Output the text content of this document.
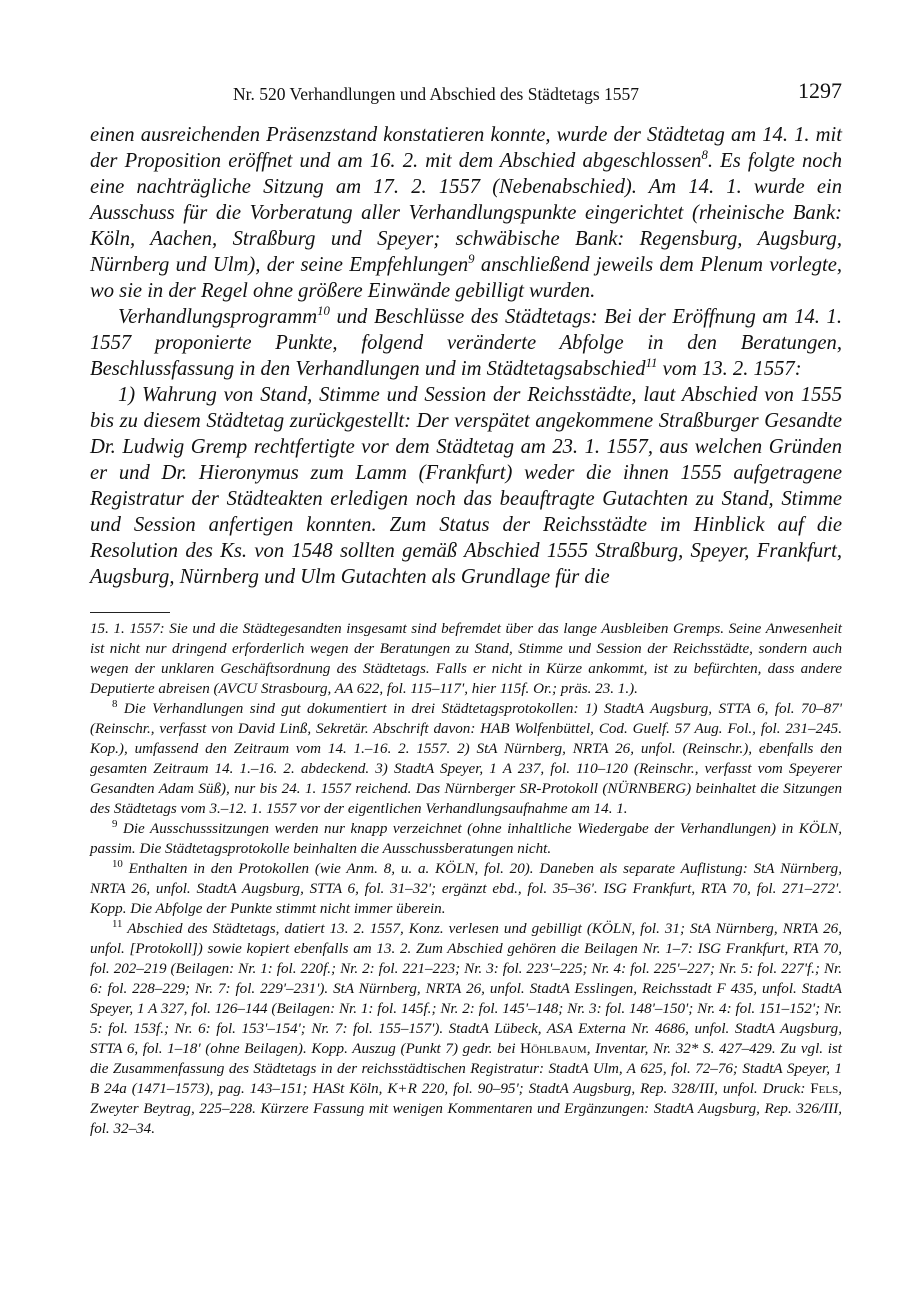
Nr. 520 Verhandlungen und Abschied des Städtetags 1557	1297

einen ausreichenden Präsenzstand konstatieren konnte, wurde der Städtetag am 14. 1. mit der Proposition eröffnet und am 16. 2. mit dem Abschied abgeschlossen$^8$. Es folgte noch eine nachträgliche Sitzung am 17. 2. 1557 (Nebenabschied). Am 14. 1. wurde ein Ausschuss für die Vorberatung aller Verhandlungspunkte eingerichtet (rheinische Bank: Köln, Aachen, Straßburg und Speyer; schwäbische Bank: Regensburg, Augsburg, Nürnberg und Ulm), der seine Empfehlungen$^9$ anschließend jeweils dem Plenum vorlegte, wo sie in der Regel ohne größere Einwände gebilligt wurden.

Verhandlungsprogramm$^{10}$ und Beschlüsse des Städtetags: Bei der Eröffnung am 14. 1. 1557 proponierte Punkte, folgend veränderte Abfolge in den Beratungen, Beschlussfassung in den Verhandlungen und im Städtetagsabschied$^{11}$ vom 13. 2. 1557:

1) Wahrung von Stand, Stimme und Session der Reichsstädte, laut Abschied von 1555 bis zu diesem Städtetag zurückgestellt: Der verspätet angekommene Straßburger Gesandte Dr. Ludwig Gremp rechtfertigte vor dem Städtetag am 23. 1. 1557, aus welchen Gründen er und Dr. Hieronymus zum Lamm (Frankfurt) weder die ihnen 1555 aufgetragene Registratur der Städteakten erledigen noch das beauftragte Gutachten zu Stand, Stimme und Session anfertigen konnten. Zum Status der Reichsstädte im Hinblick auf die Resolution des Ks. von 1548 sollten gemäß Abschied 1555 Straßburg, Speyer, Frankfurt, Augsburg, Nürnberg und Ulm Gutachten als Grundlage für die

15. 1. 1557: Sie und die Städtegesandten insgesamt sind befremdet über das lange Ausbleiben Gremps. Seine Anwesenheit ist nicht nur dringend erforderlich wegen der Beratungen zu Stand, Stimme und Session der Reichsstädte, sondern auch wegen der unklaren Geschäftsordnung des Städtetags. Falls er nicht in Kürze ankommt, ist zu befürchten, dass andere Deputierte abreisen (AVCU Strasbourg, AA 622, fol. 115–117', hier 115f. Or.; präs. 23. 1.).

$^8$ Die Verhandlungen sind gut dokumentiert in drei Städtetagsprotokollen: 1) StadtA Augsburg, STTA 6, fol. 70–87' (Reinschr., verfasst von David Linß, Sekretär. Abschrift davon: HAB Wolfenbüttel, Cod. Guelf. 57 Aug. Fol., fol. 231–245. Kop.), umfassend den Zeitraum vom 14. 1.–16. 2. 1557. 2) StA Nürnberg, NRTA 26, unfol. (Reinschr.), ebenfalls den gesamten Zeitraum 14. 1.–16. 2. abdeckend. 3) StadtA Speyer, 1 A 237, fol. 110–120 (Reinschr., verfasst vom Speyerer Gesandten Adam Süß), nur bis 24. 1. 1557 reichend. Das Nürnberger SR-Protokoll (NÜRNBERG) beinhaltet die Sitzungen des Städtetags vom 3.–12. 1. 1557 vor der eigentlichen Verhandlungsaufnahme am 14. 1.

$^9$ Die Ausschusssitzungen werden nur knapp verzeichnet (ohne inhaltliche Wiedergabe der Verhandlungen) in KÖLN, passim. Die Städtetagsprotokolle beinhalten die Ausschussberatungen nicht.

$^{10}$ Enthalten in den Protokollen (wie Anm. 8, u. a. KÖLN, fol. 20). Daneben als separate Auflistung: StA Nürnberg, NRTA 26, unfol. StadtA Augsburg, STTA 6, fol. 31–32'; ergänzt ebd., fol. 35–36'. ISG Frankfurt, RTA 70, fol. 271–272'. Kopp. Die Abfolge der Punkte stimmt nicht immer überein.

$^{11}$ Abschied des Städtetags, datiert 13. 2. 1557, Konz. verlesen und gebilligt (KÖLN, fol. 31; StA Nürnberg, NRTA 26, unfol. [Protokoll]) sowie kopiert ebenfalls am 13. 2. Zum Abschied gehören die Beilagen Nr. 1–7: ISG Frankfurt, RTA 70, fol. 202–219 (Beilagen: Nr. 1: fol. 220f.; Nr. 2: fol. 221–223; Nr. 3: fol. 223'–225; Nr. 4: fol. 225'–227; Nr. 5: fol. 227'f.; Nr. 6: fol. 228–229; Nr. 7: fol. 229'–231'). StA Nürnberg, NRTA 26, unfol. StadtA Esslingen, Reichsstadt F 435, unfol. StadtA Speyer, 1 A 327, fol. 126–144 (Beilagen: Nr. 1: fol. 145f.; Nr. 2: fol. 145'–148; Nr. 3: fol. 148'–150'; Nr. 4: fol. 151–152'; Nr. 5: fol. 153f.; Nr. 6: fol. 153'–154'; Nr. 7: fol. 155–157'). StadtA Lübeck, ASA Externa Nr. 4686, unfol. StadtA Augsburg, STTA 6, fol. 1–18' (ohne Beilagen). Kopp. Auszug (Punkt 7) gedr. bei Höhlbaum, Inventar, Nr. 32* S. 427–429. Zu vgl. ist die Zusammenfassung des Städtetags in der reichsstädtischen Registratur: StadtA Ulm, A 625, fol. 72–76; StadtA Speyer, 1 B 24a (1471–1573), pag. 143–151; HASt Köln, K+R 220, fol. 90–95'; StadtA Augsburg, Rep. 328/III, unfol. Druck: Fels, Zweyter Beytrag, 225–228. Kürzere Fassung mit wenigen Kommentaren und Ergänzungen: StadtA Augsburg, Rep. 326/III, fol. 32–34.
